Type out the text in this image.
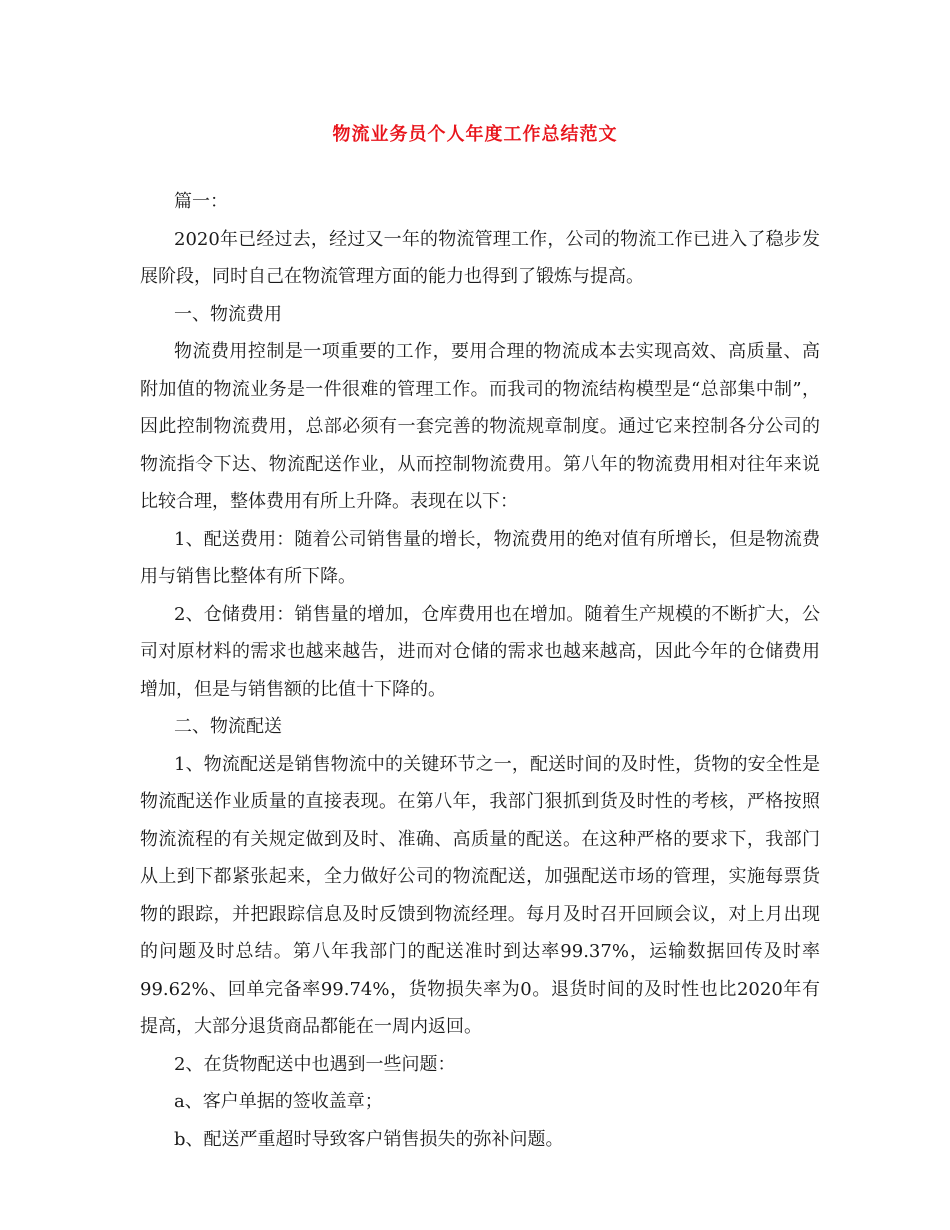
物流业务员个人年度工作总结范文

篇一：

2020年已经过去，经过又一年的物流管理工作，公司的物流工作已进入了稳步发展阶段，同时自己在物流管理方面的能力也得到了锻炼与提高。

一、物流费用

物流费用控制是一项重要的工作，要用合理的物流成本去实现高效、高质量、高附加值的物流业务是一件很难的管理工作。而我司的物流结构模型是“总部集中制”，因此控制物流费用，总部必须有一套完善的物流规章制度。通过它来控制各分公司的物流指令下达、物流配送作业，从而控制物流费用。第八年的物流费用相对往年来说比较合理，整体费用有所上升降。表现在以下：

1、配送费用：随着公司销售量的增长，物流费用的绝对值有所增长，但是物流费用与销售比整体有所下降。

2、仓储费用：销售量的增加，仓库费用也在增加。随着生产规模的不断扩大，公司对原材料的需求也越来越告，进而对仓储的需求也越来越高，因此今年的仓储费用增加，但是与销售额的比值十下降的。

二、物流配送

1、物流配送是销售物流中的关键环节之一，配送时间的及时性，货物的安全性是物流配送作业质量的直接表现。在第八年，我部门狠抓到货及时性的考核，严格按照物流流程的有关规定做到及时、准确、高质量的配送。在这种严格的要求下，我部门从上到下都紧张起来，全力做好公司的物流配送，加强配送市场的管理，实施每票货物的跟踪，并把跟踪信息及时反馈到物流经理。每月及时召开回顾会议，对上月出现的问题及时总结。第八年我部门的配送准时到达率99.37%，运输数据回传及时率99.62%、回单完备率99.74%，货物损失率为0。退货时间的及时性也比2020年有提高，大部分退货商品都能在一周内返回。

2、在货物配送中也遇到一些问题：

a、客户单据的签收盖章；

b、配送严重超时导致客户销售损失的弥补问题。
